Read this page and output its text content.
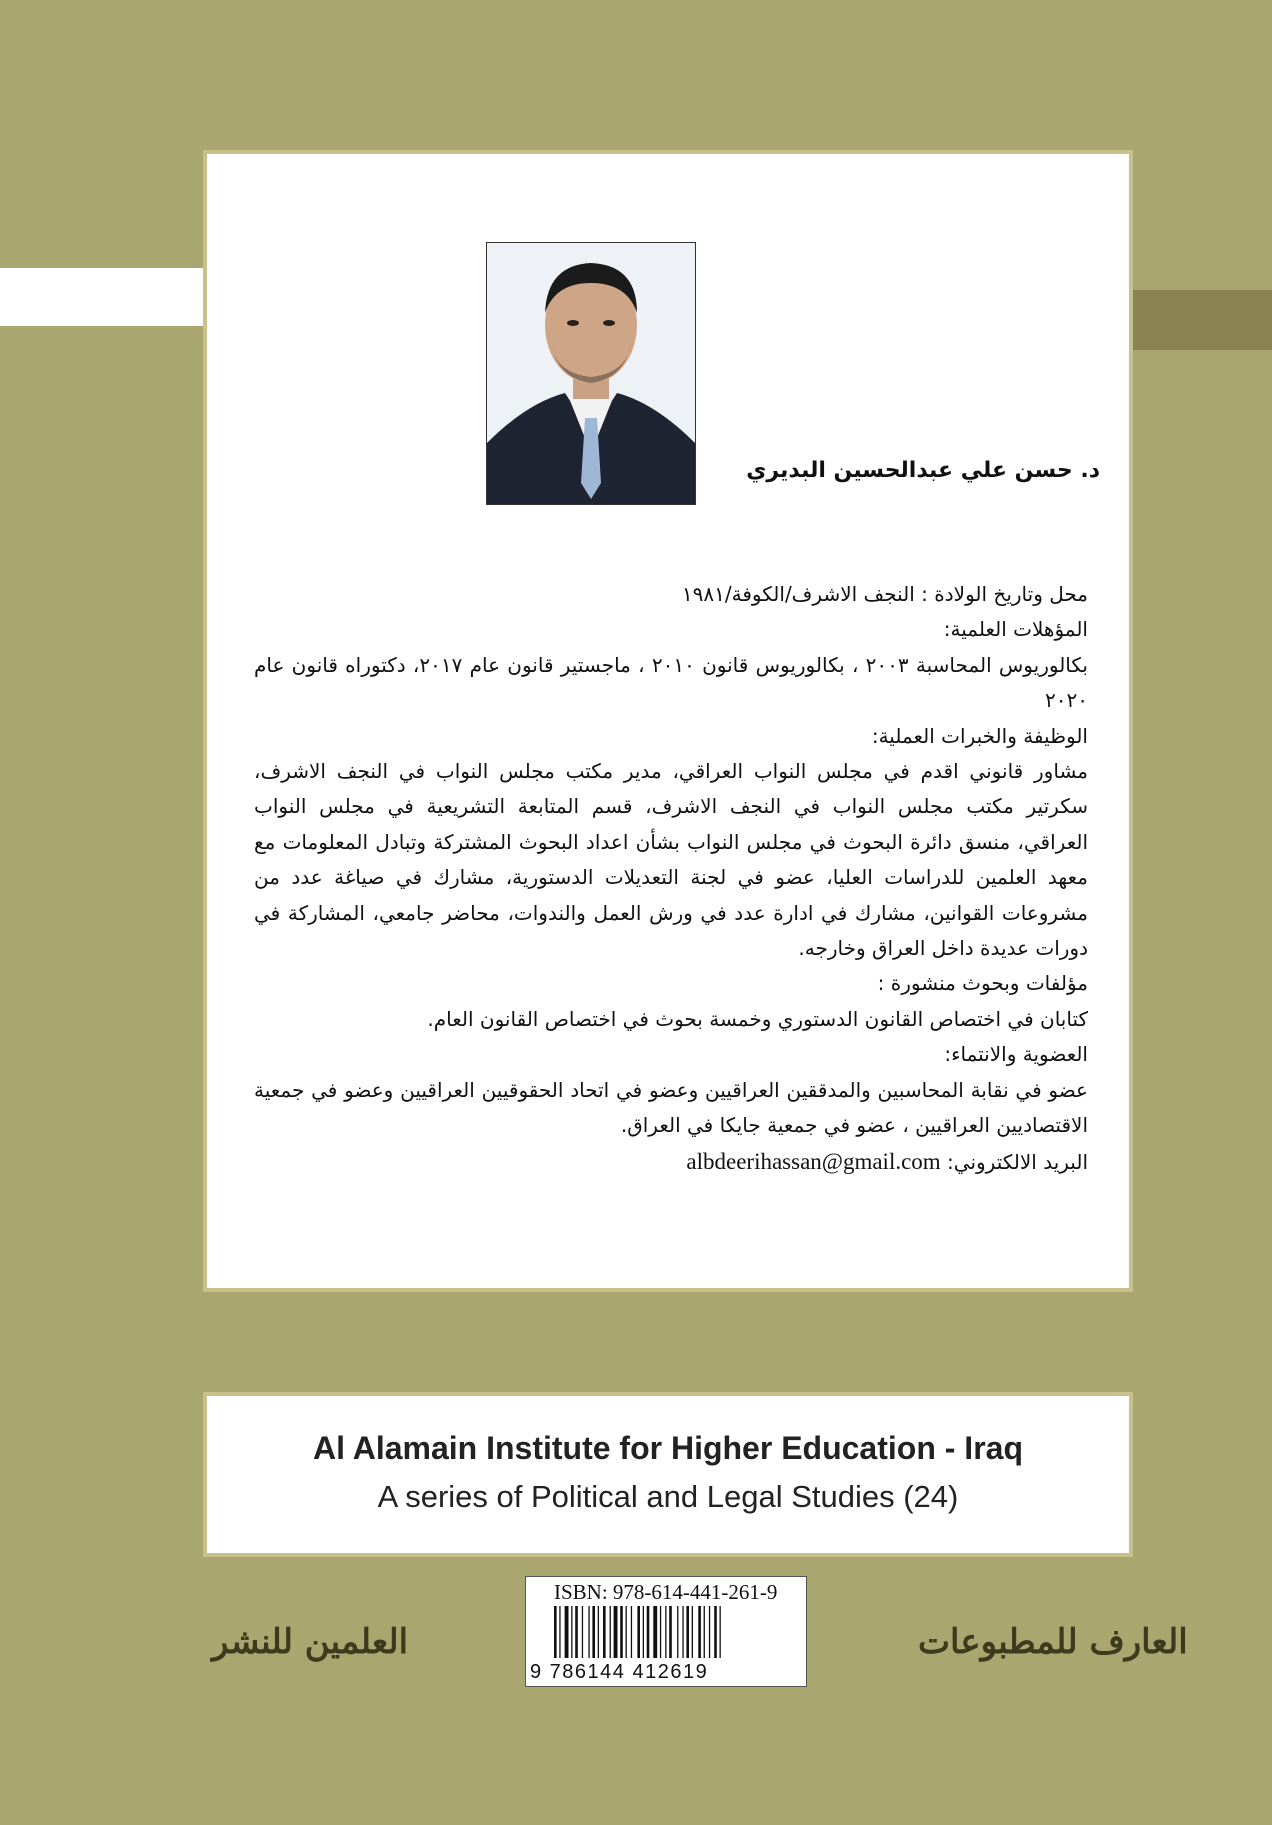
د. حسن علي عبدالحسين البديري

محل وتاريخ الولادة : النجف الاشرف/الكوفة/١٩٨١

المؤهلات العلمية:

بكالوريوس المحاسبة ٢٠٠٣ ، بكالوريوس قانون ٢٠١٠ ، ماجستير قانون عام ٢٠١٧، دكتوراه قانون عام ٢٠٢٠

الوظيفة والخبرات العملية:

مشاور قانوني اقدم في مجلس النواب العراقي، مدير مكتب مجلس النواب في النجف الاشرف، سكرتير مكتب مجلس النواب في النجف الاشرف، قسم المتابعة التشريعية في مجلس النواب العراقي، منسق دائرة البحوث في مجلس النواب بشأن اعداد البحوث المشتركة وتبادل المعلومات مع معهد العلمين للدراسات العليا، عضو في لجنة التعديلات الدستورية، مشارك في صياغة عدد من مشروعات القوانين، مشارك في ادارة عدد في ورش العمل والندوات، محاضر جامعي، المشاركة في دورات عديدة داخل العراق وخارجه.

مؤلفات وبحوث منشورة :

كتابان في اختصاص القانون الدستوري وخمسة بحوث في اختصاص القانون العام.

العضوية والانتماء:

عضو في نقابة المحاسبين والمدققين العراقيين وعضو في اتحاد الحقوقيين العراقيين وعضو في جمعية الاقتصاديين العراقيين ، عضو في جمعية جايكا في العراق.

البريد الالكتروني: albdeerihassan@gmail.com

Al Alamain Institute for Higher Education - Iraq
A series of Political and Legal Studies (24)
ISBN: 978-614-441-261-9
9 786144 412619
العلمين للنشر	العارف للمطبوعات
